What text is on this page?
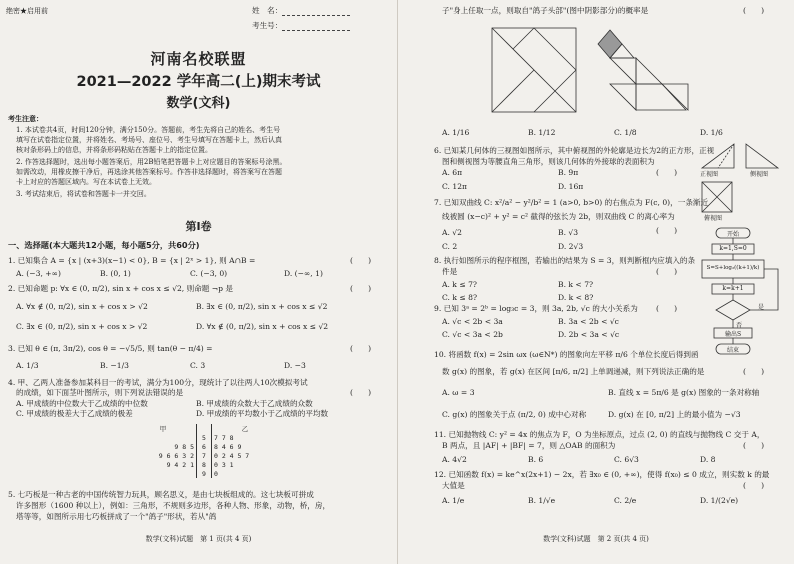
绝密★启用前	姓　名：
考生号：
河南名校联盟
2021—2022 学年高二(上)期末考试
数学(文科)
考生注意：
1. 本试卷共4页，时间120分钟，满分150分。答题前，考生先将自己的姓名、考生号
填写在试卷指定位置，并将姓名、考场号、座位号、考生号填写在答题卡上，然后认真
核对条形码上的信息，并将条形码粘贴在答题卡上的指定位置。
2. 作答选择题时，选出每小题答案后，用2B铅笔把答题卡上对应题目的答案标号涂黑。
如需改动，用橡皮擦干净后，再选涂其他答案标号。作答非选择题时，将答案写在答题
卡上对应的答题区域内。写在本试卷上无效。
3. 考试结束后，将试卷和答题卡一并交回。
第Ⅰ卷
一、选择题(本大题共12小题，每小题5分，共60分)
1. 已知集合 A = {x | (x+3)(x−1) < 0}, B = {x | 2ˣ > 1}, 则 A∩B =	(　　)
A. (−3, +∞)	B. (0, 1)	C. (−3, 0)	D. (−∞, 1)
2. 已知命题 p: ∀x ∈ (0, π/2), sin x + cos x ≤ √2, 则命题 ¬p 是	(　　)
A. ∀x ∉ (0, π/2), sin x + cos x > √2	B. ∃x ∈ (0, π/2), sin x + cos x ≤ √2
C. ∃x ∈ (0, π/2), sin x + cos x > √2	D. ∀x ∉ (0, π/2), sin x + cos x ≤ √2
3. 已知 θ ∈ (π, 3π/2), cos θ = −√5/5, 则 tan(θ − π/4) =	(　　)
A. 1/3	B. −1/3	C. 3	D. −3
4. 甲、乙两人准备参加某科目一的考试，满分为100分，现统计了以往两人10次模拟考试
的成绩，如下面茎叶图所示，则下列说法错误的是	(　　)
A. 甲成绩的中位数大于乙成绩的中位数	B. 甲成绩的众数大于乙成绩的众数
C. 甲成绩的极差大于乙成绩的极差	D. 甲成绩的平均数小于乙成绩的平均数
甲		乙
	5	7 7 8
9 8 5	6	8 4 6 9
9 6 6 3 2	7	0 2 4 5 7
9 4 2 1	8	0 3 1
	9	0
5. 七巧板是一种古老的中国传统智力玩具，顾名思义，是由七块板组成的。这七块板可拼成
许多图形（1600 种以上），例如：三角形，不规则多边形，各种人物、形象，动物，桥，房，
塔等等，如图所示用七巧板拼成了一个"鸽子"形状，若从"鸽
数学(文科)试题　第 1 页(共 4 页)
子"身上任取一点，则取自"鸽子头部"(图中阴影部分)的概率是	(　　)
A. 1/16	B. 1/12	C. 1/8	D. 1/6
6. 已知某几何体的三视图如图所示，其中俯视图的外轮廓是边长为2的正方形，正视
图和侧视图为等腰直角三角形，则该几何体的外接球的表面积为
(　　)
A. 6π	B. 9π
C. 12π	D. 16π
正视图	侧视图
俯视图
7. 已知双曲线 C: x²/a² − y²/b² = 1 (a>0, b>0) 的右焦点为 F(c, 0)，一条渐近
线被圆 (x−c)² + y² = c² 截得的弦长为 2b，则双曲线 C 的离心率为
(　　)
A. √2	B. √3
C. 2	D. 2√3
8. 执行如图所示的程序框图，若输出的结果为 S = 3，则判断框内应填入的条
件是	(　　)
A. k ≤ 7?	B. k < 7?
C. k ≤ 8?	D. k < 8?
开始
k=1,S=0
S=S+log₂((k+1)/k)
k=k+1
是
否
输出S
结束
9. 已知 3ᵃ = 2ᵇ = log₃c = 3，则 3a, 2b, √c 的大小关系为 (　　)
A. √c < 2b < 3a	B. 3a < 2b < √c
C. √c < 3a < 2b	D. 2b < 3a < √c
10. 将函数 f(x) = 2sin ωx (ω∈N*) 的图象向左平移 π/6 个单位长度后得到函
数 g(x) 的图象，若 g(x) 在区间 [π/6, π/2] 上单调递减，则下列说法正确的是	(　　)
A. ω = 3	B. 直线 x = 5π/6 是 g(x) 图象的一条对称轴
C. g(x) 的图象关于点 (π/2, 0) 成中心对称	D. g(x) 在 [0, π/2] 上的最小值为 −√3
11. 已知抛物线 C: y² = 4x 的焦点为 F，O 为坐标原点，过点 (2, 0) 的直线与抛物线 C 交于 A，
B 两点，且 |AF| + |BF| = 7，则 △OAB 的面积为	(　　)
A. 4√2	B. 6	C. 6√3	D. 8
12. 已知函数 f(x) = ke^x(2x+1) − 2x，若 ∃x₀ ∈ (0, +∞)，使得 f(x₀) ≤ 0 成立，则实数 k 的最
大值是	(　　)
A. 1/e	B. 1/√e	C. 2/e	D. 1/(2√e)
数学(文科)试题　第 2 页(共 4 页)
